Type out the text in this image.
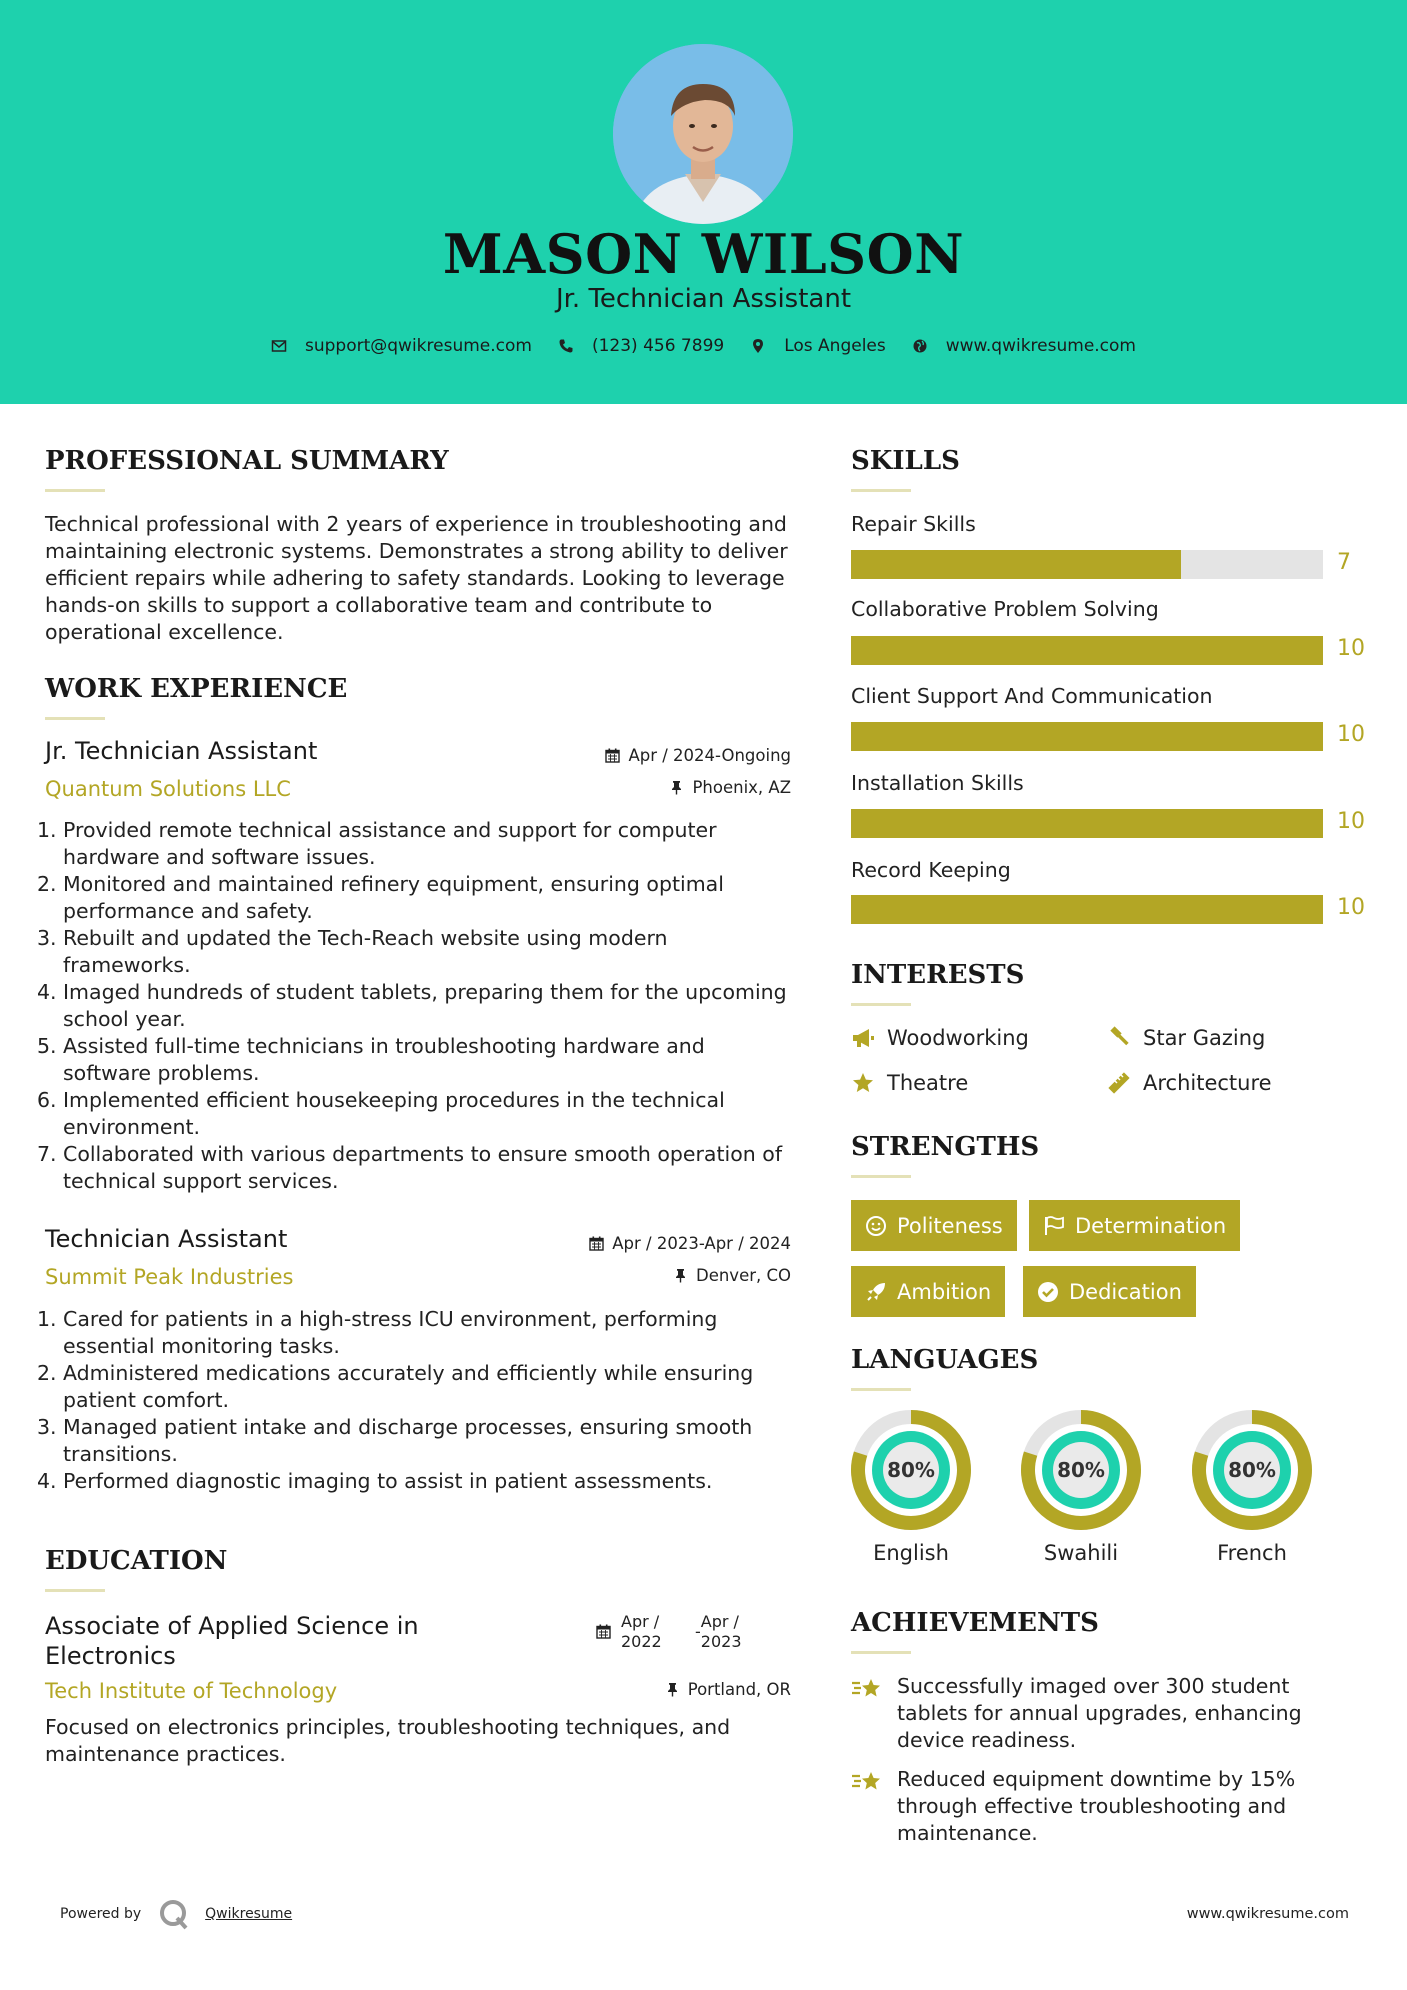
MASON WILSON
Jr. Technician Assistant
support@qwikresume.com	(123) 456 7899	Los Angeles	www.qwikresume.com
PROFESSIONAL SUMMARY
Technical professional with 2 years of experience in troubleshooting and maintaining electronic systems. Demonstrates a strong ability to deliver efficient repairs while adhering to safety standards. Looking to leverage hands-on skills to support a collaborative team and contribute to operational excellence.
WORK EXPERIENCE
Jr. Technician Assistant	Apr / 2024-Ongoing
Quantum Solutions LLC	Phoenix, AZ
1. Provided remote technical assistance and support for computer hardware and software issues.
2. Monitored and maintained refinery equipment, ensuring optimal performance and safety.
3. Rebuilt and updated the Tech-Reach website using modern frameworks.
4. Imaged hundreds of student tablets, preparing them for the upcoming school year.
5. Assisted full-time technicians in troubleshooting hardware and software problems.
6. Implemented efficient housekeeping procedures in the technical environment.
7. Collaborated with various departments to ensure smooth operation of technical support services.
Technician Assistant	Apr / 2023-Apr / 2024
Summit Peak Industries	Denver, CO
1. Cared for patients in a high-stress ICU environment, performing essential monitoring tasks.
2. Administered medications accurately and efficiently while ensuring patient comfort.
3. Managed patient intake and discharge processes, ensuring smooth transitions.
4. Performed diagnostic imaging to assist in patient assessments.
EDUCATION
Associate of Applied Science in Electronics
Apr /
2022
-
Apr /
2023
Tech Institute of Technology	Portland, OR
Focused on electronics principles, troubleshooting techniques, and maintenance practices.
SKILLS
Repair Skills
7
Collaborative Problem Solving
10
Client Support And Communication
10
Installation Skills
10
Record Keeping
10
INTERESTS
Woodworking	Star Gazing
Theatre	Architecture
STRENGTHS
Politeness	Determination
Ambition	Dedication
LANGUAGES
80%
English
80%
Swahili
80%
French
ACHIEVEMENTS
Successfully imaged over 300 student tablets for annual upgrades, enhancing device readiness.
Reduced equipment downtime by 15% through effective troubleshooting and maintenance.
Powered by	Qwikresume	www.qwikresume.com
